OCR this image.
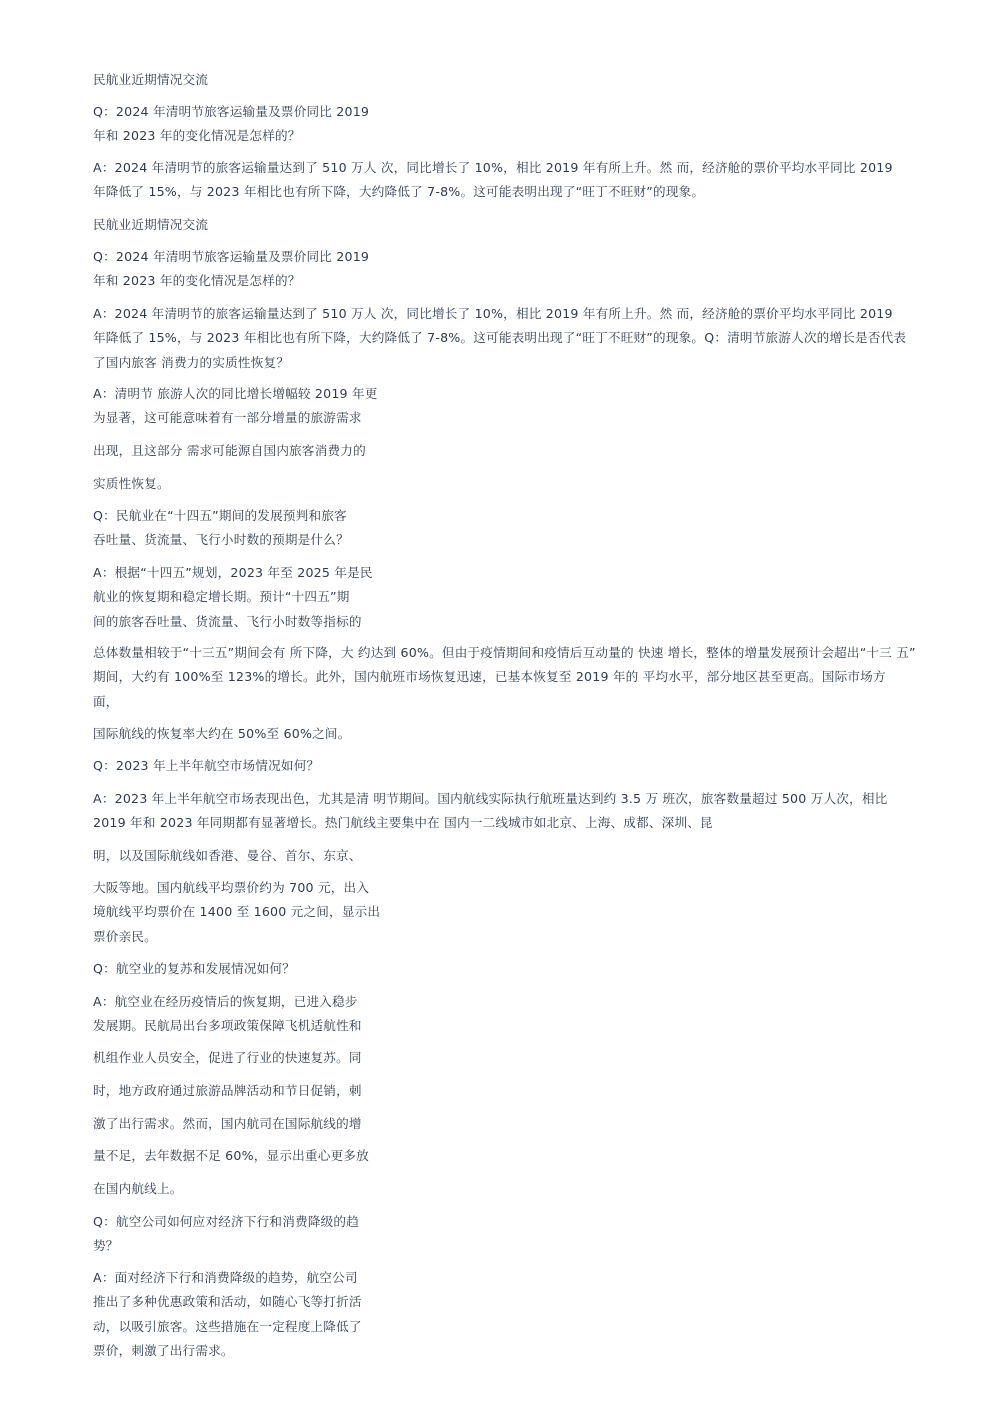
民航业近期情况交流
Q：2024 年清明节旅客运输量及票价同比 2019
年和 2023 年的变化情况是怎样的？
A：2024 年清明节的旅客运输量达到了 510 万人 次，同比增长了 10%，相比 2019 年有所上升。然 而，经济舱的票价平均水平同比 2019
年降低了 15%，与 2023 年相比也有所下降，大约降低了 7-8%。这可能表明出现了“旺丁不旺财”的现象。
民航业近期情况交流
Q：2024 年清明节旅客运输量及票价同比 2019
年和 2023 年的变化情况是怎样的？
A：2024 年清明节的旅客运输量达到了 510 万人 次，同比增长了 10%，相比 2019 年有所上升。然 而，经济舱的票价平均水平同比 2019
年降低了 15%，与 2023 年相比也有所下降，大约降低了 7-8%。这可能表明出现了“旺丁不旺财”的现象。Q：清明节旅游人次的增长是否代表
了国内旅客 消费力的实质性恢复？
A：清明节 旅游人次的同比增长增幅较 2019 年更
为显著，这可能意味着有一部分增量的旅游需求
出现，且这部分 需求可能源自国内旅客消费力的
实质性恢复。
Q：民航业在“十四五”期间的发展预判和旅客
吞吐量、货流量、飞行小时数的预期是什么？
A：根据“十四五”规划，2023 年至 2025 年是民
航业的恢复期和稳定增长期。预计“十四五”期
间的旅客吞吐量、货流量、飞行小时数等指标的
总体数量相较于“十三五”期间会有 所下降，大 约达到 60%。但由于疫情期间和疫情后互动量的 快速 增长，整体的增量发展预计会超出“十三 五”
期间，大约有 100%至 123%的增长。此外，国内航班市场恢复迅速，已基本恢复至 2019 年的 平均水平，部分地区甚至更高。国际市场方
面，
国际航线的恢复率大约在 50%至 60%之间。
Q：2023 年上半年航空市场情况如何？
A：2023 年上半年航空市场表现出色，尤其是清 明节期间。国内航线实际执行航班量达到约 3.5 万 班次，旅客数量超过 500 万人次，相比
2019 年和 2023 年同期都有显著增长。热门航线主要集中在 国内一二线城市如北京、上海、成都、深圳、昆
明，以及国际航线如香港、曼谷、首尔、东京、
大阪等地。国内航线平均票价约为 700 元，出入
境航线平均票价在 1400 至 1600 元之间，显示出
票价亲民。
Q：航空业的复苏和发展情况如何？
A：航空业在经历疫情后的恢复期，已进入稳步
发展期。民航局出台多项政策保障飞机适航性和
机组作业人员安全，促进了行业的快速复苏。同
时，地方政府通过旅游品牌活动和节日促销，刺
激了出行需求。然而，国内航司在国际航线的增
量不足，去年数据不足 60%，显示出重心更多放
在国内航线上。
Q：航空公司如何应对经济下行和消费降级的趋
势？
A：面对经济下行和消费降级的趋势，航空公司
推出了多种优惠政策和活动，如随心飞等打折活
动，以吸引旅客。这些措施在一定程度上降低了
票价，刺激了出行需求。
